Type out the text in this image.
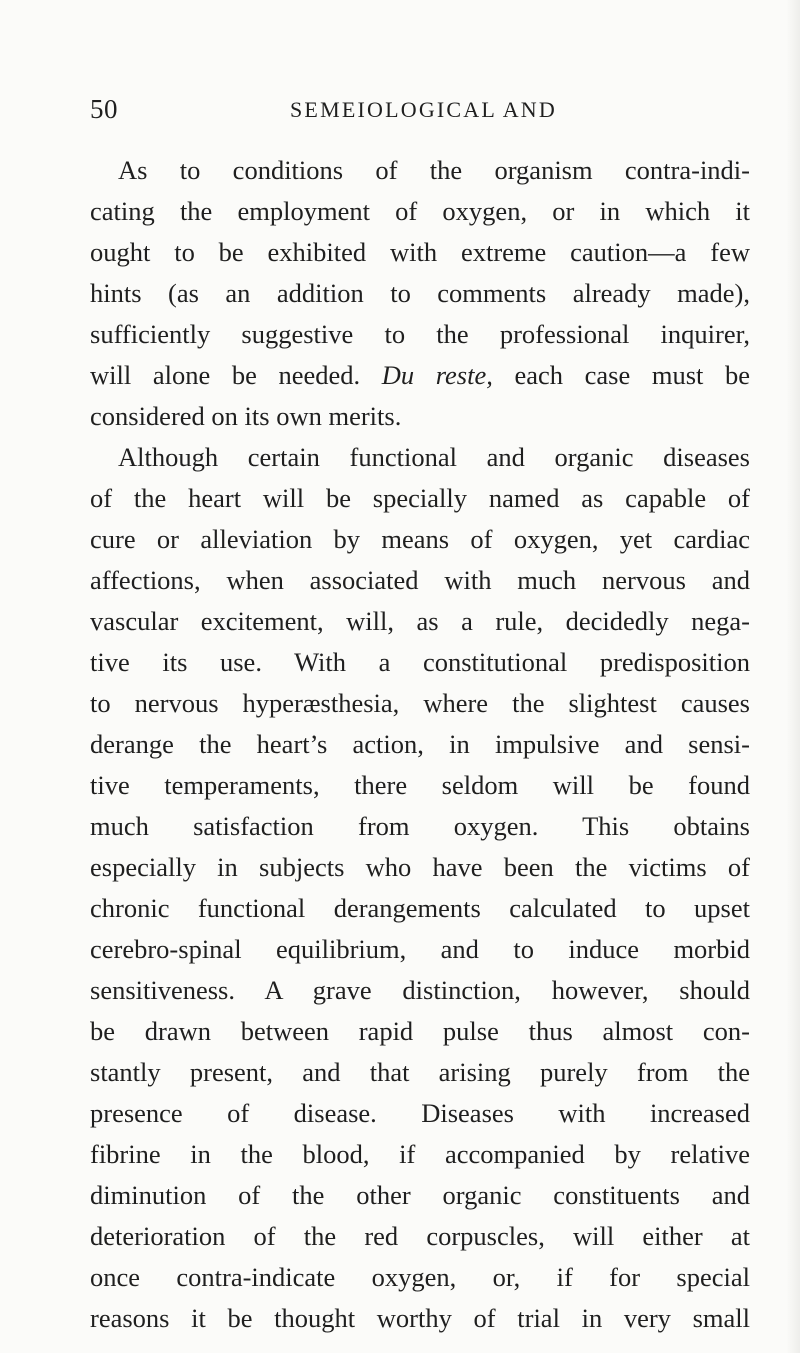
50	SEMEIOLOGICAL AND
As to conditions of the organism contra-indi-
cating the employment of oxygen, or in which it
ought to be exhibited with extreme caution—a few
hints (as an addition to comments already made),
sufficiently suggestive to the professional inquirer,
will alone be needed. Du reste, each case must be
considered on its own merits.
Although certain functional and organic diseases
of the heart will be specially named as capable of
cure or alleviation by means of oxygen, yet cardiac
affections, when associated with much nervous and
vascular excitement, will, as a rule, decidedly nega-
tive its use. With a constitutional predisposition
to nervous hyperæsthesia, where the slightest causes
derange the heart’s action, in impulsive and sensi-
tive temperaments, there seldom will be found
much satisfaction from oxygen. This obtains
especially in subjects who have been the victims of
chronic functional derangements calculated to upset
cerebro-spinal equilibrium, and to induce morbid
sensitiveness. A grave distinction, however, should
be drawn between rapid pulse thus almost con-
stantly present, and that arising purely from the
presence of disease. Diseases with increased
fibrine in the blood, if accompanied by relative
diminution of the other organic constituents and
deterioration of the red corpuscles, will either at
once contra-indicate oxygen, or, if for special
reasons it be thought worthy of trial in very small
